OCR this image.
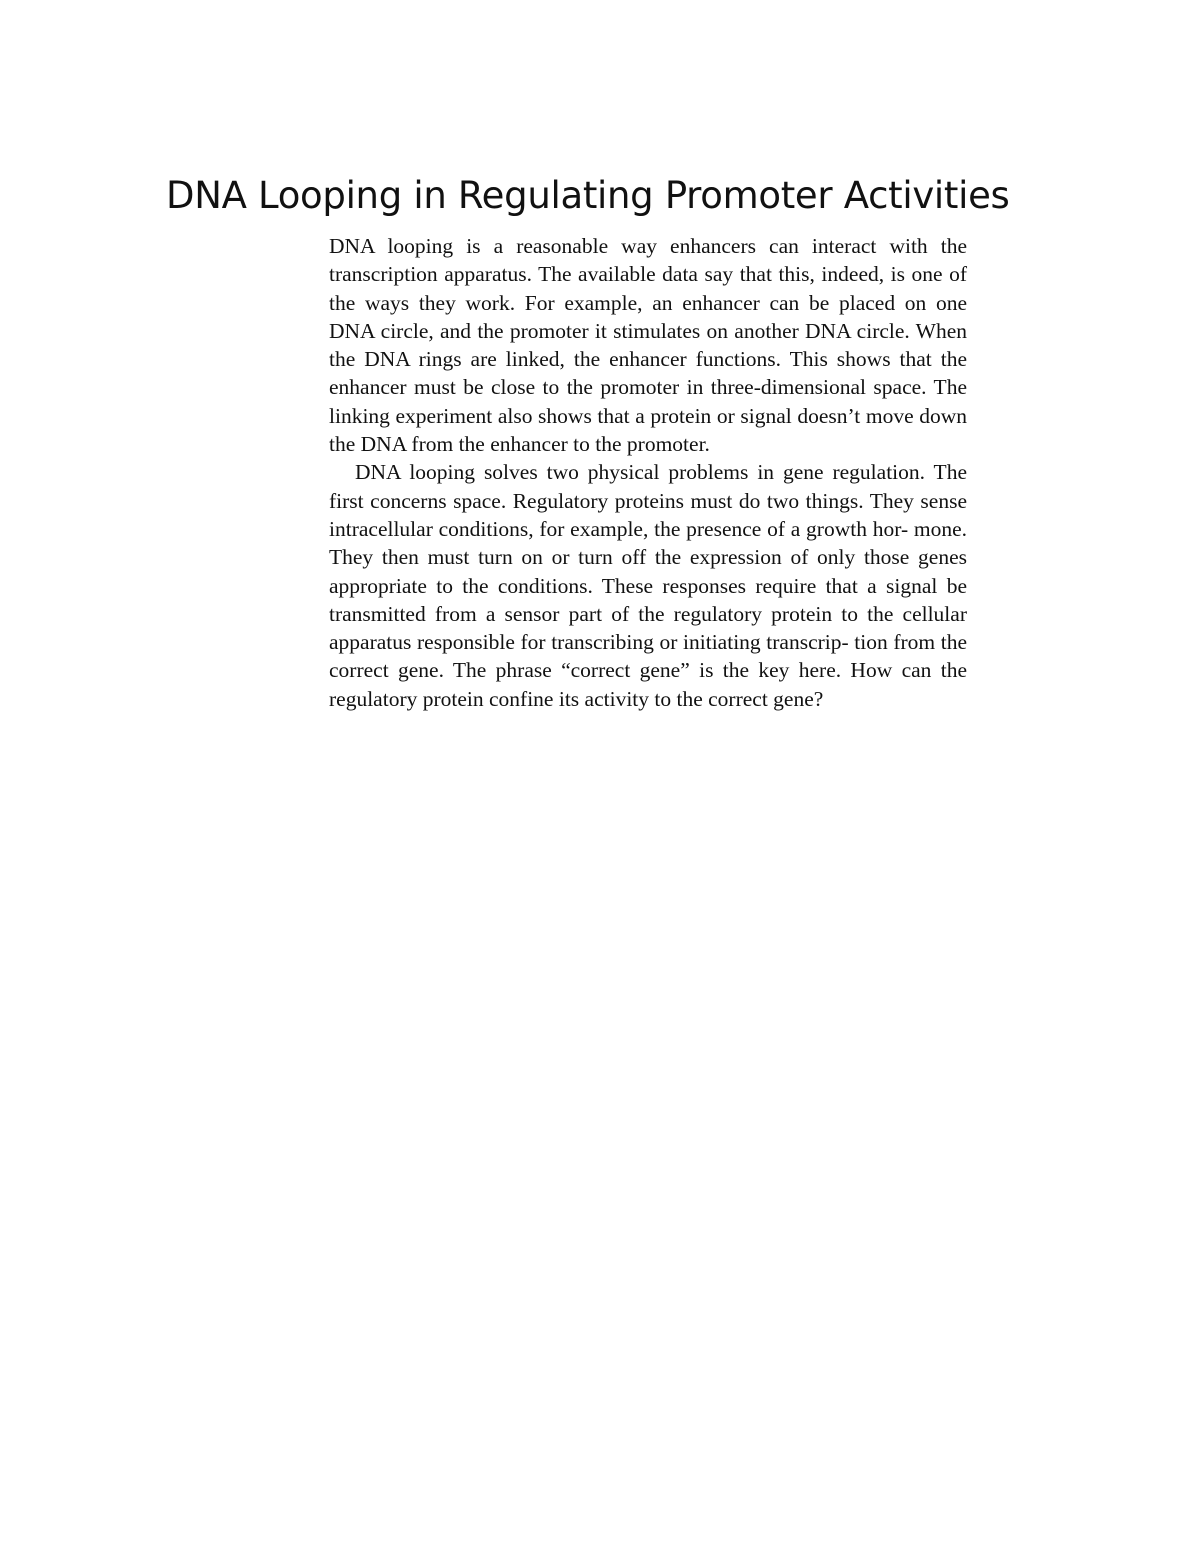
DNA Looping in Regulating Promoter Activities

DNA looping is a reasonable way enhancers can interact with the transcription apparatus. The available data say that this, indeed, is one of the ways they work. For example, an enhancer can be placed on one DNA circle, and the promoter it stimulates on another DNA circle. When the DNA rings are linked, the enhancer functions. This shows that the enhancer must be close to the promoter in three-dimensional space. The linking experiment also shows that a protein or signal doesn’t move down the DNA from the enhancer to the promoter.

DNA looping solves two physical problems in gene regulation. The first concerns space. Regulatory proteins must do two things. They sense intracellular conditions, for example, the presence of a growth hor- mone. They then must turn on or turn off the expression of only those genes appropriate to the conditions. These responses require that a signal be transmitted from a sensor part of the regulatory protein to the cellular apparatus responsible for transcribing or initiating transcrip- tion from the correct gene. The phrase “correct gene” is the key here. How can the regulatory protein confine its activity to the correct gene?
